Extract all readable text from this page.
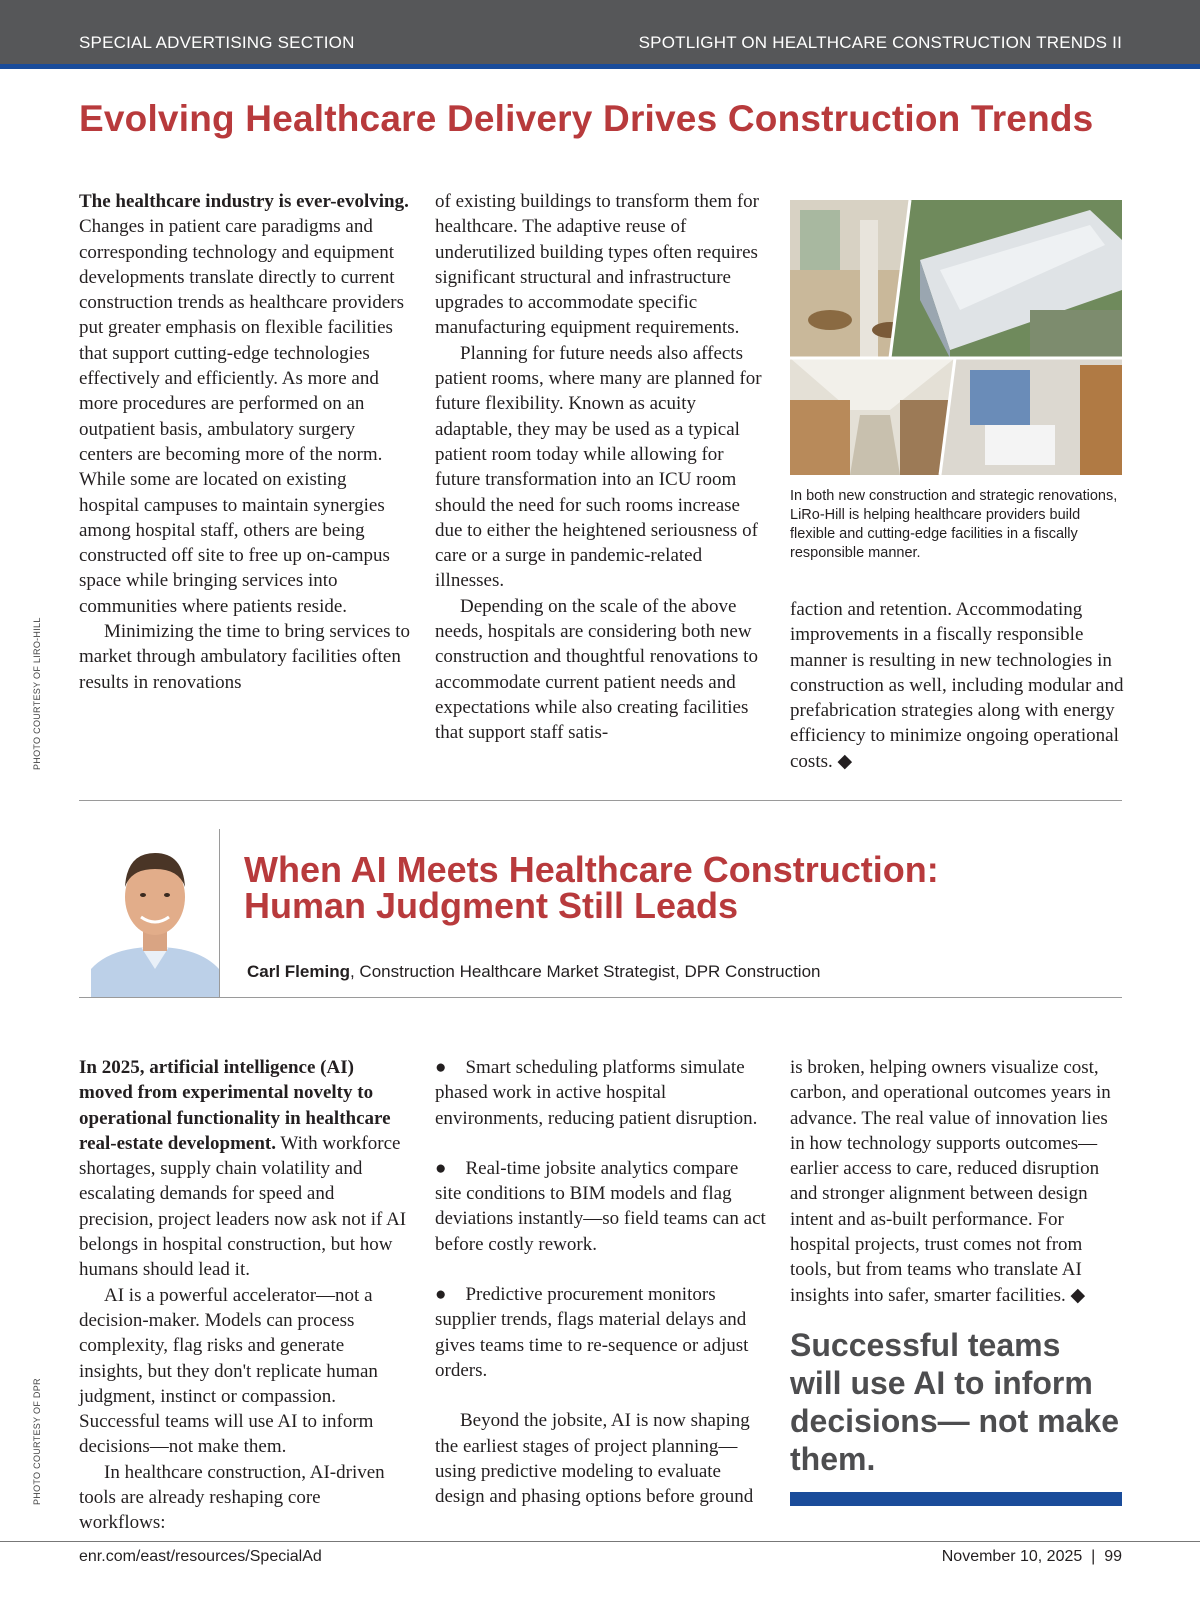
SPECIAL ADVERTISING SECTION	SPOTLIGHT ON HEALTHCARE CONSTRUCTION TRENDS II
Evolving Healthcare Delivery Drives Construction Trends

The healthcare industry is ever-evolving. Changes in patient care paradigms and corresponding technology and equipment developments translate directly to current construction trends as healthcare providers put greater emphasis on flexible facilities that support cutting-edge technologies effectively and efficiently. As more and more procedures are performed on an outpatient basis, ambulatory surgery centers are becoming more of the norm. While some are located on existing hospital campuses to maintain synergies among hospital staff, others are being constructed off site to free up on-campus space while bringing services into communities where patients reside.

Minimizing the time to bring services to market through ambulatory facilities often results in renovations

of existing buildings to transform them for healthcare. The adaptive reuse of underutilized building types often requires significant structural and infrastructure upgrades to accommodate specific manufacturing equipment requirements.

Planning for future needs also affects patient rooms, where many are planned for future flexibility. Known as acuity adaptable, they may be used as a typical patient room today while allowing for future transformation into an ICU room should the need for such rooms increase due to either the heightened seriousness of care or a surge in pandemic-related illnesses.

Depending on the scale of the above needs, hospitals are considering both new construction and thoughtful renovations to accommodate current patient needs and expectations while also creating facilities that support staff satis-

In both new construction and strategic renovations, LiRo-Hill is helping healthcare providers build flexible and cutting-edge facilities in a fiscally responsible manner.

faction and retention. Accommodating improvements in a fiscally responsible manner is resulting in new technologies in construction as well, including modular and prefabrication strategies along with energy efficiency to minimize ongoing operational costs. ◆

PHOTO COURTESY OF LIRO-HILL
When AI Meets Healthcare Construction:
Human Judgment Still Leads
Carl Fleming, Construction Healthcare Market Strategist, DPR Construction

In 2025, artificial intelligence (AI) moved from experimental novelty to operational functionality in healthcare real-estate development. With workforce shortages, supply chain volatility and escalating demands for speed and precision, project leaders now ask not if AI belongs in hospital construction, but how humans should lead it.

AI is a powerful accelerator—not a decision-maker. Models can process complexity, flag risks and generate insights, but they don't replicate human judgment, instinct or compassion. Successful teams will use AI to inform decisions—not make them.

In healthcare construction, AI-driven tools are already reshaping core workflows:

● Smart scheduling platforms simulate phased work in active hospital environments, reducing patient disruption.

● Real-time jobsite analytics compare site conditions to BIM models and flag deviations instantly—so field teams can act before costly rework.

● Predictive procurement monitors supplier trends, flags material delays and gives teams time to re-sequence or adjust orders.

Beyond the jobsite, AI is now shaping the earliest stages of project planning—using predictive modeling to evaluate design and phasing options before ground

is broken, helping owners visualize cost, carbon, and operational outcomes years in advance. The real value of innovation lies in how technology supports outcomes—earlier access to care, reduced disruption and stronger alignment between design intent and as-built performance. For hospital projects, trust comes not from tools, but from teams who translate AI insights into safer, smarter facilities. ◆

Successful teams will use AI to inform decisions— not make them.
PHOTO COURTESY OF DPR
enr.com/east/resources/SpecialAd	November 10, 2025  |  99
